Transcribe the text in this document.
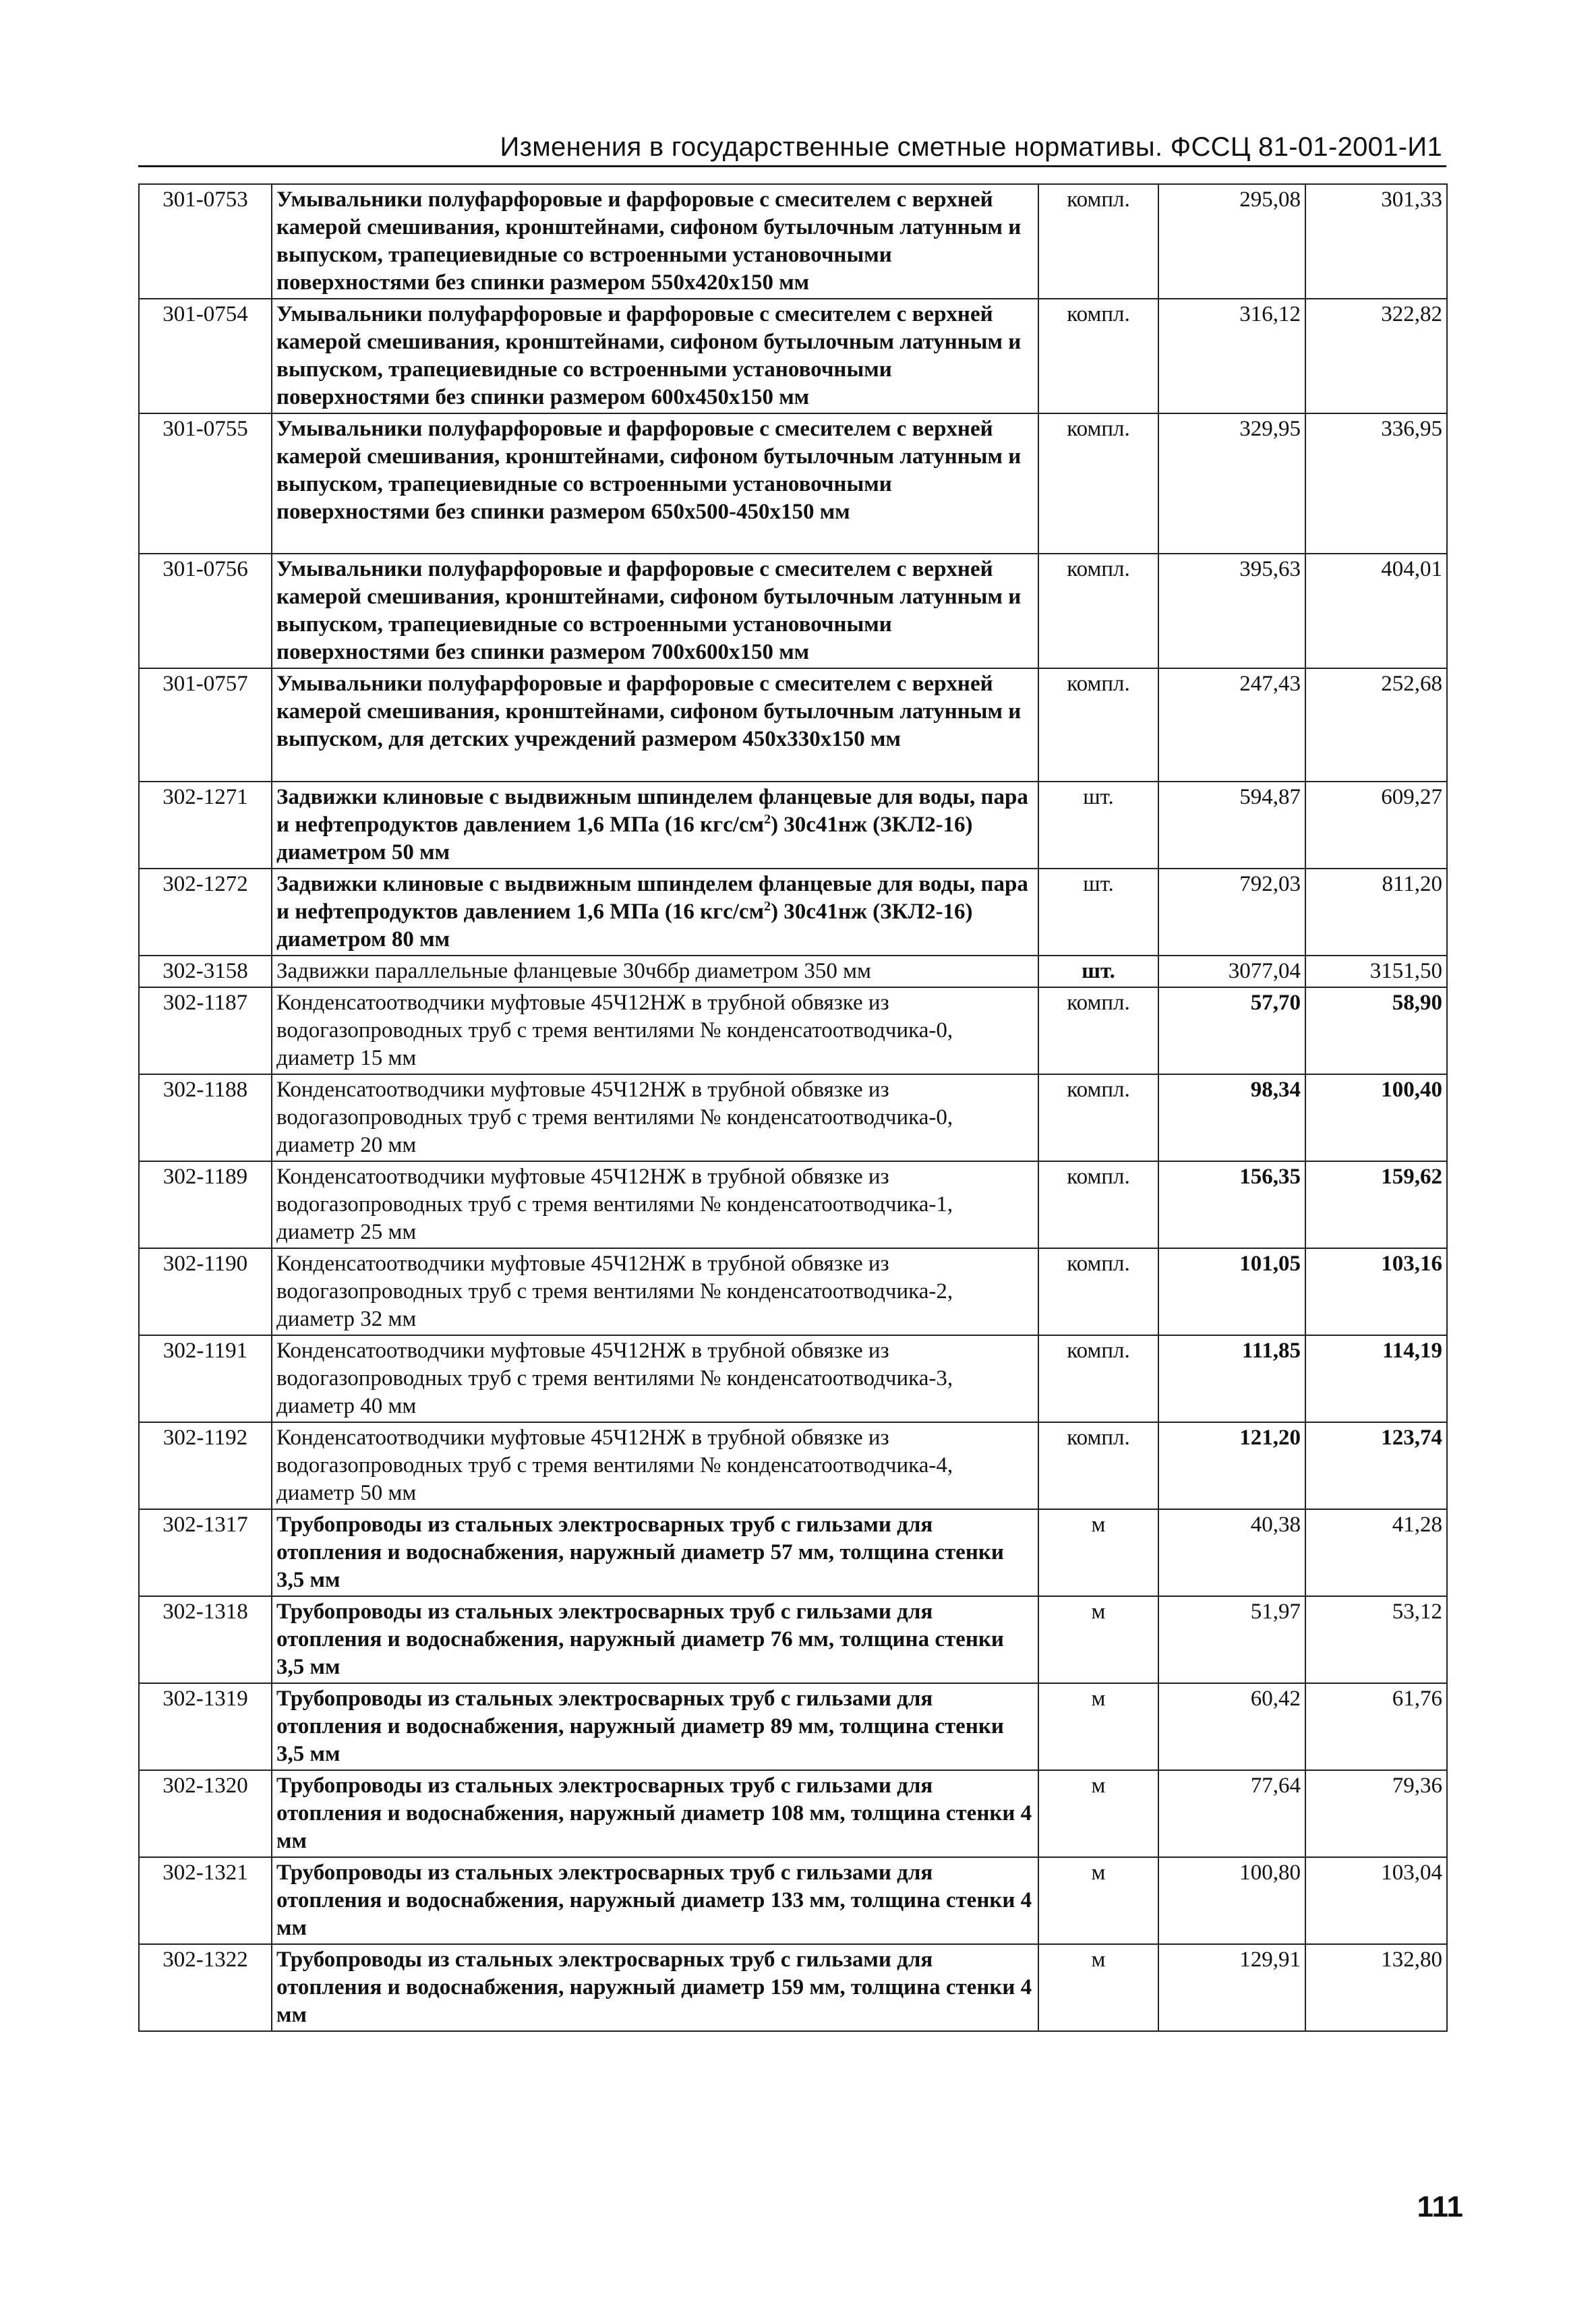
Изменения в государственные сметные нормативы. ФССЦ 81-01-2001-И1
301-0753	Умывальники полуфарфоровые и фарфоровые с смесителем с верхней камерой смешивания, кронштейнами, сифоном бутылочным латунным и выпуском, трапециевидные со встроенными установочными поверхностями без спинки размером 550х420х150 мм	компл.	295,08	301,33
301-0754	Умывальники полуфарфоровые и фарфоровые с смесителем с верхней камерой смешивания, кронштейнами, сифоном бутылочным латунным и выпуском, трапециевидные со встроенными установочными поверхностями без спинки размером 600х450х150 мм	компл.	316,12	322,82
301-0755	Умывальники полуфарфоровые и фарфоровые с смесителем с верхней камерой смешивания, кронштейнами, сифоном бутылочным латунным и выпуском, трапециевидные со встроенными установочными поверхностями без спинки размером 650х500-450х150 мм	компл.	329,95	336,95
301-0756	Умывальники полуфарфоровые и фарфоровые с смесителем с верхней камерой смешивания, кронштейнами, сифоном бутылочным латунным и выпуском, трапециевидные со встроенными установочными поверхностями без спинки размером 700х600х150 мм	компл.	395,63	404,01
301-0757	Умывальники полуфарфоровые и фарфоровые с смесителем с верхней камерой смешивания, кронштейнами, сифоном бутылочным латунным и выпуском, для детских учреждений размером 450х330х150 мм	компл.	247,43	252,68
302-1271	Задвижки клиновые с выдвижным шпинделем фланцевые для воды, пара и нефтепродуктов давлением 1,6 МПа (16 кгс/$см^2$) 30с41нж (ЗКЛ2-16) диаметром 50 мм	шт.	594,87	609,27
302-1272	Задвижки клиновые с выдвижным шпинделем фланцевые для воды, пара и нефтепродуктов давлением 1,6 МПа (16 кгс/$см^2$) 30с41нж (ЗКЛ2-16) диаметром 80 мм	шт.	792,03	811,20
302-3158	Задвижки параллельные фланцевые 30ч6бр диаметром 350 мм	шт.	3077,04	3151,50
302-1187	Конденсатоотводчики муфтовые 45Ч12НЖ в трубной обвязке из водогазопроводных труб с тремя вентилями № конденсатоотводчика-0, диаметр 15 мм	компл.	57,70	58,90
302-1188	Конденсатоотводчики муфтовые 45Ч12НЖ в трубной обвязке из водогазопроводных труб с тремя вентилями № конденсатоотводчика-0, диаметр 20 мм	компл.	98,34	100,40
302-1189	Конденсатоотводчики муфтовые 45Ч12НЖ в трубной обвязке из водогазопроводных труб с тремя вентилями № конденсатоотводчика-1, диаметр 25 мм	компл.	156,35	159,62
302-1190	Конденсатоотводчики муфтовые 45Ч12НЖ в трубной обвязке из водогазопроводных труб с тремя вентилями № конденсатоотводчика-2, диаметр 32 мм	компл.	101,05	103,16
302-1191	Конденсатоотводчики муфтовые 45Ч12НЖ в трубной обвязке из водогазопроводных труб с тремя вентилями № конденсатоотводчика-3, диаметр 40 мм	компл.	111,85	114,19
302-1192	Конденсатоотводчики муфтовые 45Ч12НЖ в трубной обвязке из водогазопроводных труб с тремя вентилями № конденсатоотводчика-4, диаметр 50 мм	компл.	121,20	123,74
302-1317	Трубопроводы из стальных электросварных труб с гильзами для отопления и водоснабжения, наружный диаметр 57 мм, толщина стенки 3,5 мм	м	40,38	41,28
302-1318	Трубопроводы из стальных электросварных труб с гильзами для отопления и водоснабжения, наружный диаметр 76 мм, толщина стенки 3,5 мм	м	51,97	53,12
302-1319	Трубопроводы из стальных электросварных труб с гильзами для отопления и водоснабжения, наружный диаметр 89 мм, толщина стенки 3,5 мм	м	60,42	61,76
302-1320	Трубопроводы из стальных электросварных труб с гильзами для отопления и водоснабжения, наружный диаметр 108 мм, толщина стенки 4 мм	м	77,64	79,36
302-1321	Трубопроводы из стальных электросварных труб с гильзами для отопления и водоснабжения, наружный диаметр 133 мм, толщина стенки 4 мм	м	100,80	103,04
302-1322	Трубопроводы из стальных электросварных труб с гильзами для отопления и водоснабжения, наружный диаметр 159 мм, толщина стенки 4 мм	м	129,91	132,80
111
